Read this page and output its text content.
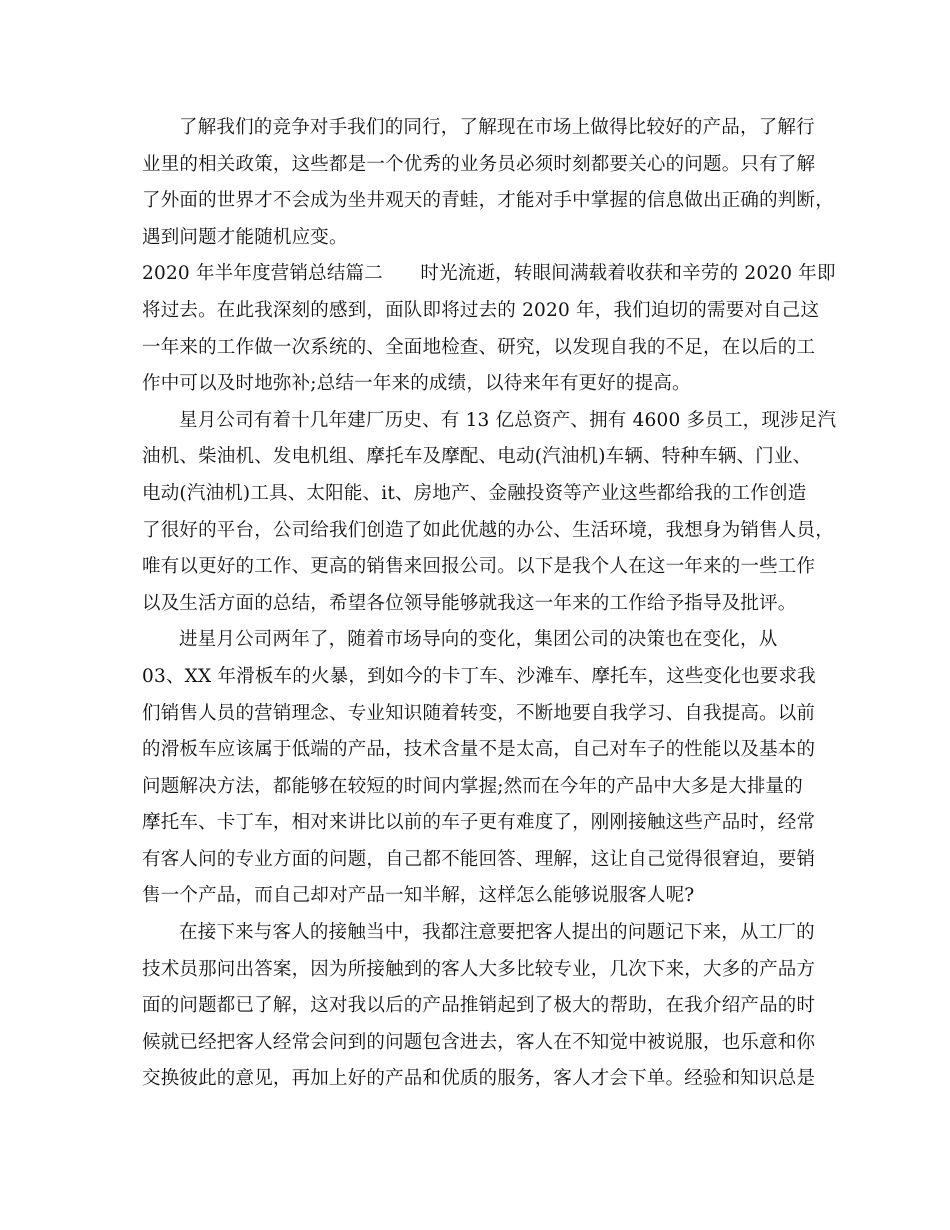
了解我们的竞争对手我们的同行，了解现在市场上做得比较好的产品，了解行
业里的相关政策，这些都是一个优秀的业务员必须时刻都要关心的问题。只有了解
了外面的世界才不会成为坐井观天的青蛙，才能对手中掌握的信息做出正确的判断，
遇到问题才能随机应变。

2020 年半年度营销总结篇二　　时光流逝，转眼间满载着收获和辛劳的 2020 年即
将过去。在此我深刻的感到，面队即将过去的 2020 年，我们迫切的需要对自己这
一年来的工作做一次系统的、全面地检查、研究，以发现自我的不足，在以后的工
作中可以及时地弥补;总结一年来的成绩，以待来年有更好的提高。

星月公司有着十几年建厂历史、有 13 亿总资产、拥有 4600 多员工，现涉足汽
油机、柴油机、发电机组、摩托车及摩配、电动(汽油机)车辆、特种车辆、门业、
电动(汽油机)工具、太阳能、it、房地产、金融投资等产业这些都给我的工作创造
了很好的平台，公司给我们创造了如此优越的办公、生活环境，我想身为销售人员，
唯有以更好的工作、更高的销售来回报公司。以下是我个人在这一年来的一些工作
以及生活方面的总结，希望各位领导能够就我这一年来的工作给予指导及批评。

进星月公司两年了，随着市场导向的变化，集团公司的决策也在变化，从
03、XX 年滑板车的火暴，到如今的卡丁车、沙滩车、摩托车，这些变化也要求我
们销售人员的营销理念、专业知识随着转变，不断地要自我学习、自我提高。以前
的滑板车应该属于低端的产品，技术含量不是太高，自己对车子的性能以及基本的
问题解决方法，都能够在较短的时间内掌握;然而在今年的产品中大多是大排量的
摩托车、卡丁车，相对来讲比以前的车子更有难度了，刚刚接触这些产品时，经常
有客人问的专业方面的问题，自己都不能回答、理解，这让自己觉得很窘迫，要销
售一个产品，而自己却对产品一知半解，这样怎么能够说服客人呢?

在接下来与客人的接触当中，我都注意要把客人提出的问题记下来，从工厂的
技术员那问出答案，因为所接触到的客人大多比较专业，几次下来，大多的产品方
面的问题都已了解，这对我以后的产品推销起到了极大的帮助，在我介绍产品的时
候就已经把客人经常会问到的问题包含进去，客人在不知觉中被说服，也乐意和你
交换彼此的意见，再加上好的产品和优质的服务，客人才会下单。经验和知识总是
